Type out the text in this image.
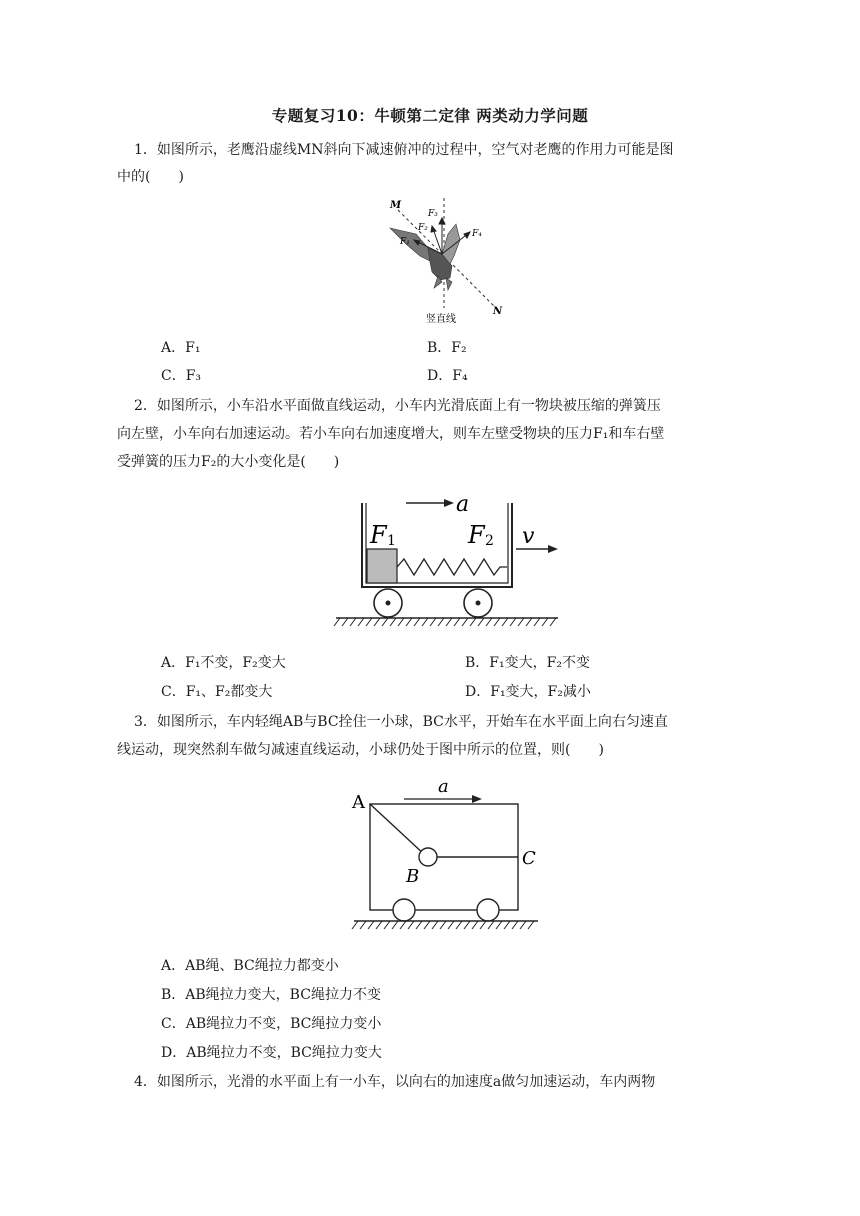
专题复习10：牛顿第二定律 两类动力学问题
1．如图所示，老鹰沿虚线MN斜向下减速俯冲的过程中，空气对老鹰的作用力可能是图
中的(　　)
M
F₃
F₂
F₁
F₄
N
竖直线
A．F₁	B．F₂
C．F₃	D．F₄
2．如图所示，小车沿水平面做直线运动，小车内光滑底面上有一物块被压缩的弹簧压
向左壁，小车向右加速运动。若小车向右加速度增大，则车左壁受物块的压力F₁和车右壁
受弹簧的压力F₂的大小变化是(　　)
a
F 1	F 2 v
A．F₁不变，F₂变大	B．F₁变大，F₂不变
C．F₁、F₂都变大	D．F₁变大，F₂减小
3．如图所示，车内轻绳AB与BC拴住一小球，BC水平，开始车在水平面上向右匀速直
线运动，现突然刹车做匀减速直线运动，小球仍处于图中所示的位置，则(　　)
a
A
B
C
A．AB绳、BC绳拉力都变小
B．AB绳拉力变大，BC绳拉力不变
C．AB绳拉力不变，BC绳拉力变小
D．AB绳拉力不变，BC绳拉力变大
4．如图所示，光滑的水平面上有一小车，以向右的加速度a做匀加速运动，车内两物
